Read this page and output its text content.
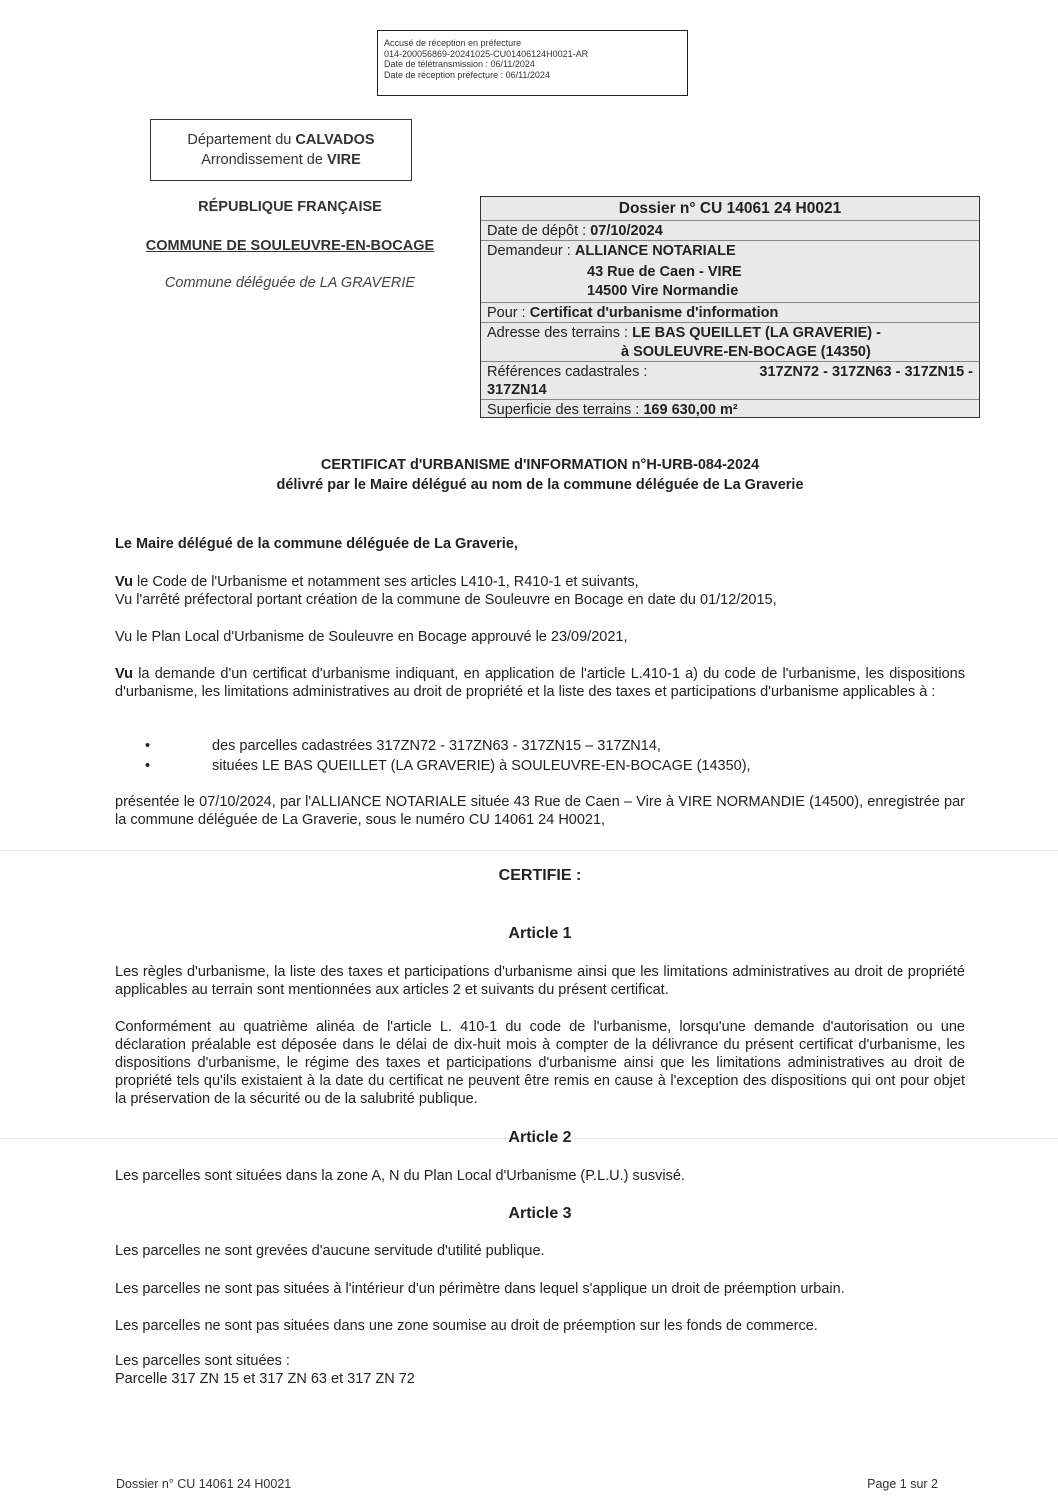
Accusé de réception en préfecture
014-200056869-20241025-CU01406124H0021-AR
Date de télétransmission : 06/11/2024
Date de réception préfecture : 06/11/2024
Département du CALVADOS
Arrondissement de VIRE
RÉPUBLIQUE FRANÇAISE
COMMUNE DE SOULEUVRE-EN-BOCAGE
Commune déléguée de LA GRAVERIE
Dossier n° CU 14061 24 H0021
Date de dépôt : 07/10/2024
Demandeur : ALLIANCE NOTARIALE
43 Rue de Caen - VIRE
14500 Vire Normandie
Pour : Certificat d'urbanisme d'information
Adresse des terrains : LE BAS QUEILLET (LA GRAVERIE) -
à SOULEUVRE-EN-BOCAGE (14350)
Références cadastrales :	317ZN72 - 317ZN63 - 317ZN15 -
317ZN14
Superficie des terrains : 169 630,00 m²
CERTIFICAT d'URBANISME d'INFORMATION n°H-URB-084-2024
délivré par le Maire délégué au nom de la commune déléguée de La Graverie
Le Maire délégué de la commune déléguée de La Graverie,

Vu le Code de l'Urbanisme et notamment ses articles L410-1, R410-1 et suivants,

Vu l'arrêté préfectoral portant création de la commune de Souleuvre en Bocage en date du 01/12/2015,

Vu le Plan Local d'Urbanisme de Souleuvre en Bocage approuvé le 23/09/2021,

Vu la demande d'un certificat d'urbanisme indiquant, en application de l'article L.410-1 a) du code de l'urbanisme, les dispositions d'urbanisme, les limitations administratives au droit de propriété et la liste des taxes et participations d'urbanisme applicables à :

•	des parcelles cadastrées 317ZN72 - 317ZN63 - 317ZN15 – 317ZN14,
•	situées LE BAS QUEILLET (LA GRAVERIE) à SOULEUVRE-EN-BOCAGE (14350),
présentée le 07/10/2024, par l'ALLIANCE NOTARIALE située 43 Rue de Caen – Vire à VIRE NORMANDIE (14500), enregistrée par la commune déléguée de La Graverie, sous le numéro CU 14061 24 H0021,
CERTIFIE :
Article 1
Les règles d'urbanisme, la liste des taxes et participations d'urbanisme ainsi que les limitations administratives au droit de propriété applicables au terrain sont mentionnées aux articles 2 et suivants du présent certificat.
Conformément au quatrième alinéa de l'article L. 410-1 du code de l'urbanisme, lorsqu'une demande d'autorisation ou une déclaration préalable est déposée dans le délai de dix-huit mois à compter de la délivrance du présent certificat d'urbanisme, les dispositions d'urbanisme, le régime des taxes et participations d'urbanisme ainsi que les limitations administratives au droit de propriété tels qu'ils existaient à la date du certificat ne peuvent être remis en cause à l'exception des dispositions qui ont pour objet la préservation de la sécurité ou de la salubrité publique.
Article 2
Les parcelles sont situées dans la zone A, N du Plan Local d'Urbanisme (P.L.U.) susvisé.
Article 3
Les parcelles ne sont grevées d'aucune servitude d'utilité publique.
Les parcelles ne sont pas situées à l'intérieur d'un périmètre dans lequel s'applique un droit de préemption urbain.
Les parcelles ne sont pas situées dans une zone soumise au droit de préemption sur les fonds de commerce.

Les parcelles sont situées :

Parcelle 317 ZN 15 et 317 ZN 63 et 317 ZN 72

Dossier n° CU 14061 24 H0021	Page 1 sur 2
